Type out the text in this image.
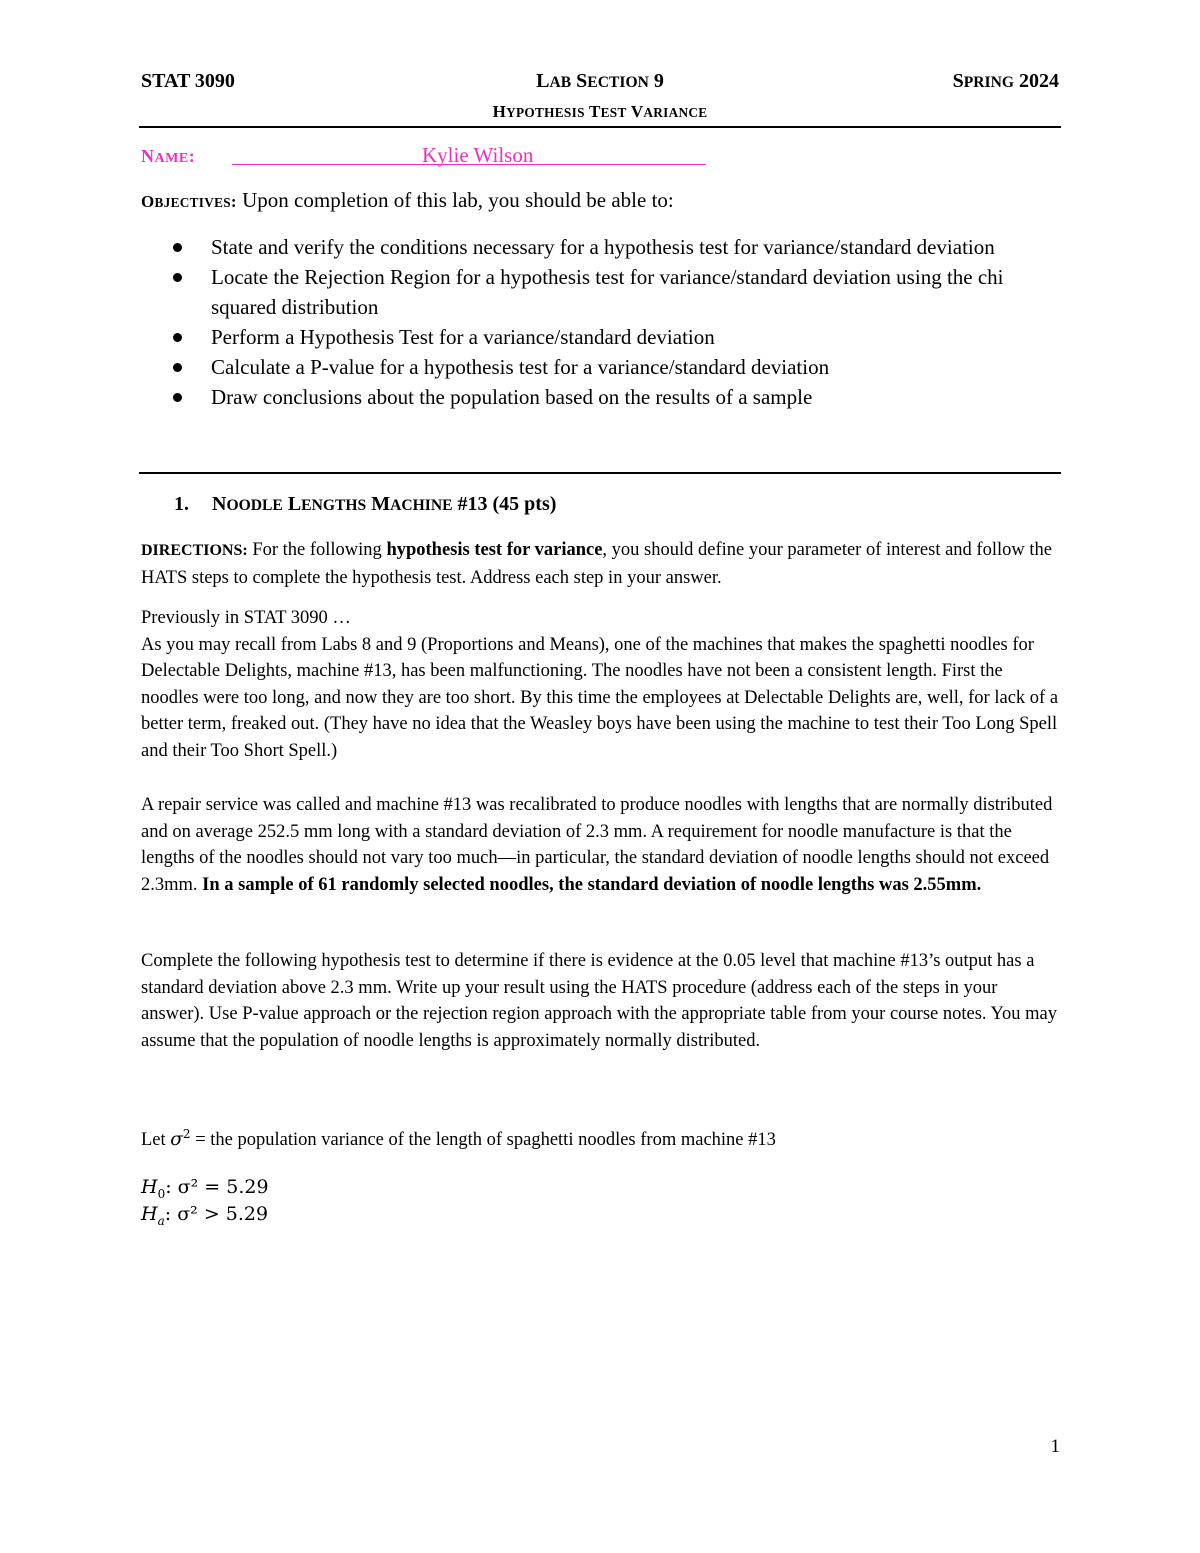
STAT 3090	LAB SECTION 9	SPRING 2024
HYPOTHESIS TEST VARIANCE
NAME:	Kylie Wilson
OBJECTIVES: Upon completion of this lab, you should be able to:
State and verify the conditions necessary for a hypothesis test for variance/standard deviation
Locate the Rejection Region for a hypothesis test for variance/standard deviation using the chi squared distribution
Perform a Hypothesis Test for a variance/standard deviation
Calculate a P-value for a hypothesis test for a variance/standard deviation
Draw conclusions about the population based on the results of a sample
1. NOODLE LENGTHS MACHINE #13 (45 pts)
DIRECTIONS: For the following hypothesis test for variance, you should define your parameter of interest and follow the HATS steps to complete the hypothesis test. Address each step in your answer.
Previously in STAT 3090 …
As you may recall from Labs 8 and 9 (Proportions and Means), one of the machines that makes the spaghetti noodles for Delectable Delights, machine #13, has been malfunctioning. The noodles have not been a consistent length. First the noodles were too long, and now they are too short. By this time the employees at Delectable Delights are, well, for lack of a better term, freaked out. (They have no idea that the Weasley boys have been using the machine to test their Too Long Spell and their Too Short Spell.)
A repair service was called and machine #13 was recalibrated to produce noodles with lengths that are normally distributed and on average 252.5 mm long with a standard deviation of 2.3 mm. A requirement for noodle manufacture is that the lengths of the noodles should not vary too much—in particular, the standard deviation of noodle lengths should not exceed 2.3mm. In a sample of 61 randomly selected noodles, the standard deviation of noodle lengths was 2.55mm.
Complete the following hypothesis test to determine if there is evidence at the 0.05 level that machine #13’s output has a standard deviation above 2.3 mm. Write up your result using the HATS procedure (address each of the steps in your answer). Use P-value approach or the rejection region approach with the appropriate table from your course notes. You may assume that the population of noodle lengths is approximately normally distributed.
Let $\sigma^2$ = the population variance of the length of spaghetti noodles from machine #13
$H_0$: σ² = 5.29
$H_a$: σ² > 5.29
1
